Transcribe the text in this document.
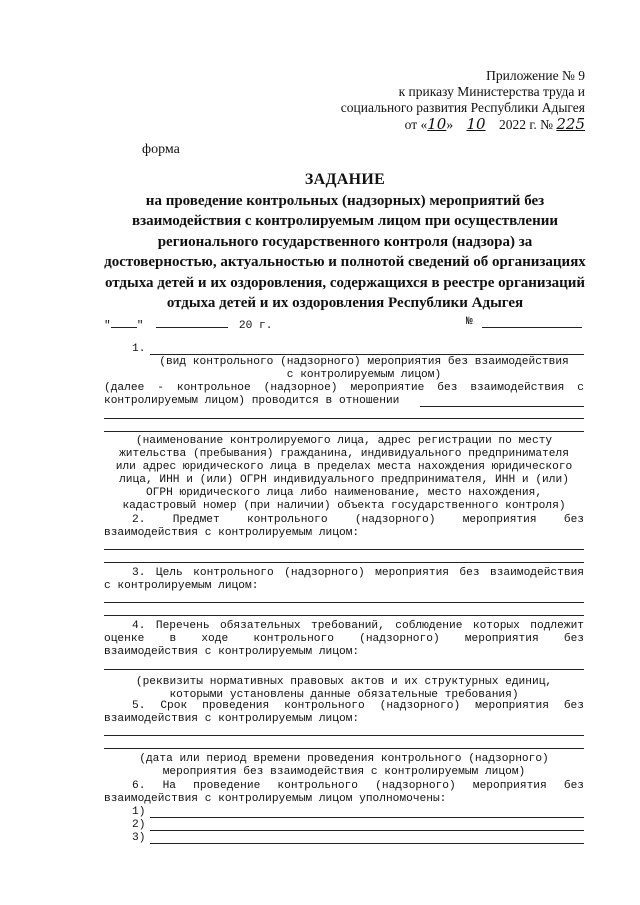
Приложение № 9
к приказу Министерства труда и
социального развития Республики Адыгея
от «10» 10 2022 г. № 225
форма
ЗАДАНИЕ
на проведение контрольных (надзорных) мероприятий без
взаимодействия с контролируемым лицом при осуществлении
регионального государственного контроля (надзора) за
достоверностью, актуальностью и полнотой сведений об организациях
отдыха детей и их оздоровления, содержащихся в реестре организаций
отдыха детей и их оздоровления Республики Адыгея
" "	20 г.	№
1.
(вид контрольного (надзорного) мероприятия без взаимодействия
с контролируемым лицом)
(далее - контрольное (надзорное) мероприятие без взаимодействия с
контролируемым лицом) проводится в отношении
(наименование контролируемого лица, адрес регистрации по месту
жительства (пребывания) гражданина, индивидуального предпринимателя
или адрес юридического лица в пределах места нахождения юридического
лица, ИНН и (или) ОГРН индивидуального предпринимателя, ИНН и (или)
ОГРН юридического лица либо наименование, место нахождения,
кадастровый номер (при наличии) объекта государственного контроля)
2. Предмет контрольного (надзорного) мероприятия без
взаимодействия с контролируемым лицом:
3. Цель контрольного (надзорного) мероприятия без взаимодействия
с контролируемым лицом:
4. Перечень обязательных требований, соблюдение которых подлежит
оценке в ходе контрольного (надзорного) мероприятия без
взаимодействия с контролируемым лицом:
(реквизиты нормативных правовых актов и их структурных единиц,
которыми установлены данные обязательные требования)
5. Срок проведения контрольного (надзорного) мероприятия без
взаимодействия с контролируемым лицом:
(дата или период времени проведения контрольного (надзорного)
мероприятия без взаимодействия с контролируемым лицом)
6. На проведение контрольного (надзорного) мероприятия без
взаимодействия с контролируемым лицом уполномочены:
1)
2)
3)
